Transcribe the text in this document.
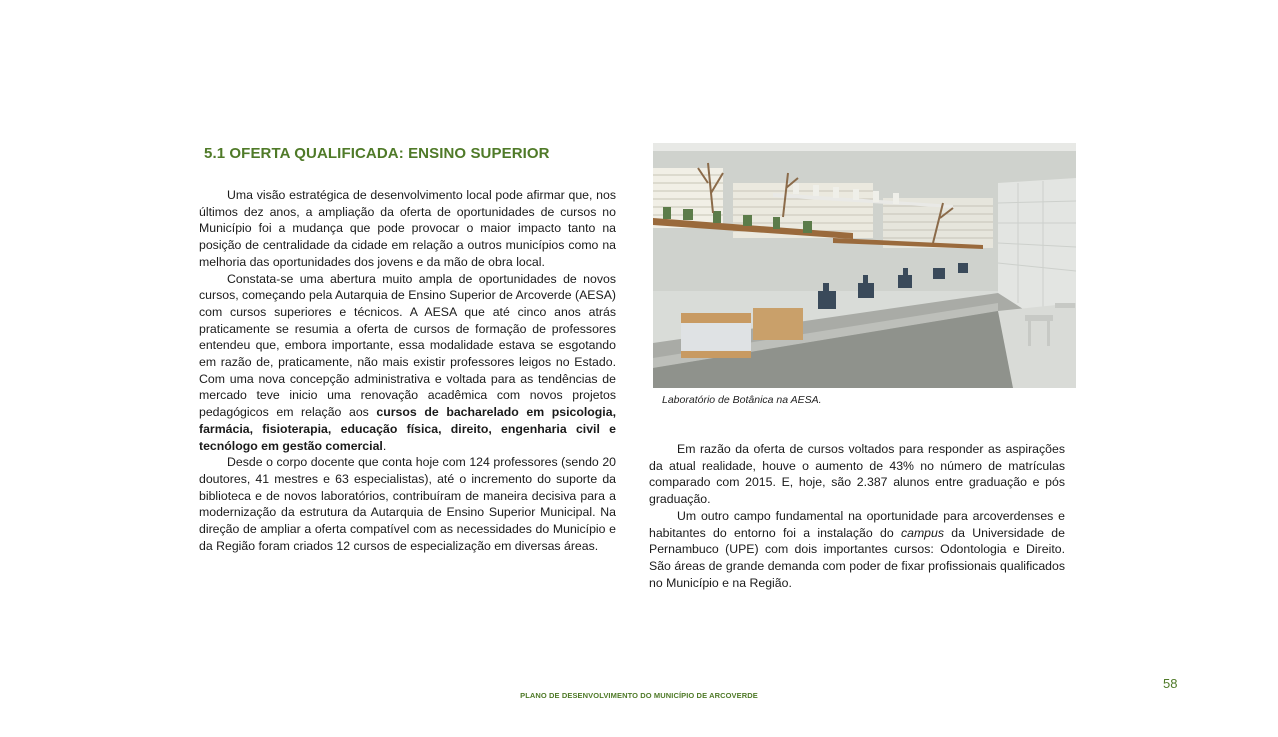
5.1 OFERTA QUALIFICADA: ENSINO SUPERIOR

Uma visão estratégica de desenvolvimento local pode afirmar que, nos últimos dez anos, a ampliação da oferta de oportunidades de cursos no Município foi a mudança que pode provocar o maior impacto tanto na posição de centralidade da cidade em relação a outros municípios como na melhoria das oportunidades dos jovens e da mão de obra local.

Constata-se uma abertura muito ampla de oportunidades de novos cursos, começando pela Autarquia de Ensino Superior de Arcoverde (AESA) com cursos superiores e técnicos. A AESA que até cinco anos atrás praticamente se resumia a oferta de cursos de formação de professores entendeu que, embora importante, essa modalidade estava se esgotando em razão de, praticamente, não mais existir professores leigos no Estado. Com uma nova concepção administrativa e voltada para as tendências de mercado teve inicio uma renovação acadêmica com novos projetos pedagógicos em relação aos cursos de bacharelado em psicologia, farmácia, fisioterapia, educação física, direito, engenharia civil e tecnólogo em gestão comercial.

Desde o corpo docente que conta hoje com 124 professores (sendo 20 doutores, 41 mestres e 63 especialistas), até o incremento do suporte da biblioteca e de novos laboratórios, contribuíram de maneira decisiva para a modernização da estrutura da Autarquia de Ensino Superior Municipal. Na direção de ampliar a oferta compatível com as necessidades do Município e da Região foram criados 12 cursos de especialização em diversas áreas.

Laboratório de Botânica na AESA.

Em razão da oferta de cursos voltados para responder as aspirações da atual realidade, houve o aumento de 43% no número de matrículas comparado com 2015. E, hoje, são 2.387 alunos entre graduação e pós graduação.

Um outro campo fundamental na oportunidade para arcoverdenses e habitantes do entorno foi a instalação do campus da Universidade de Pernambuco (UPE) com dois importantes cursos: Odontologia e Direito. São áreas de grande demanda com poder de fixar profissionais qualificados no Município e na Região.

58
PLANO DE DESENVOLVIMENTO DO MUNICÍPIO DE ARCOVERDE
